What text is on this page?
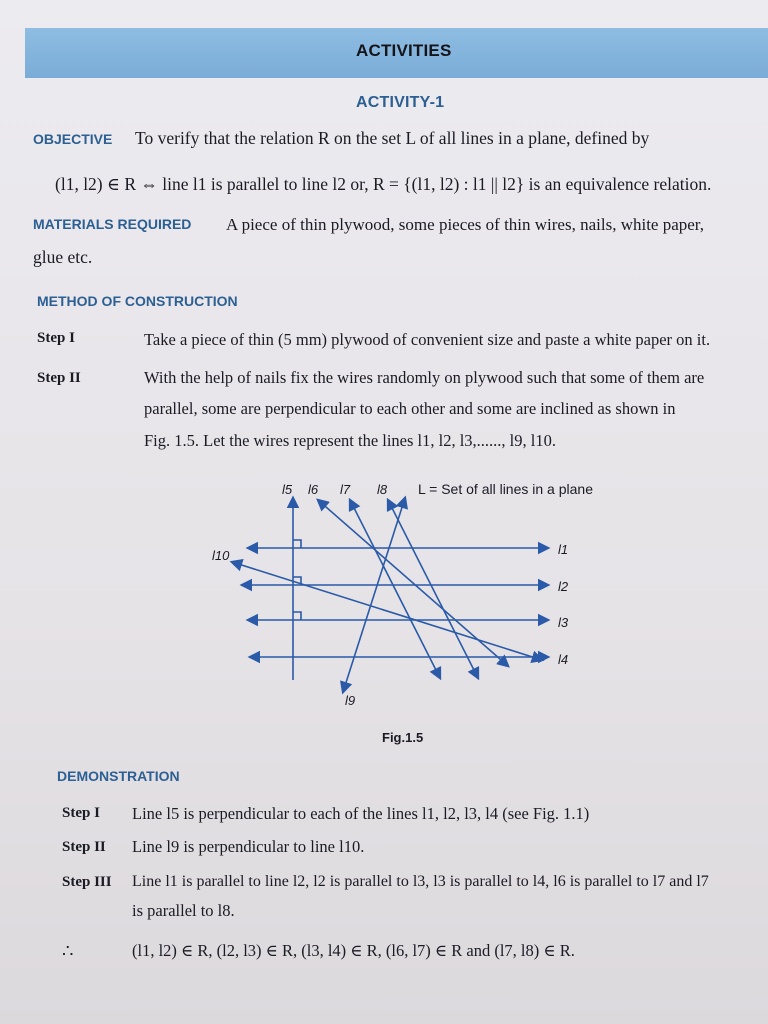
ACTIVITIES
ACTIVITY-1
OBJECTIVE To verify that the relation R on the set L of all lines in a plane, defined by
(l1, l2) ∈ R ⇔ line l1 is parallel to line l2 or, R = {(l1, l2) : l1 || l2} is an equivalence relation.
MATERIALS REQUIRED A piece of thin plywood, some pieces of thin wires, nails, white paper,
glue etc.
METHOD OF CONSTRUCTION
Step I	Take a piece of thin (5 mm) plywood of convenient size and paste a white paper on it.
Step II	With the help of nails fix the wires randomly on plywood such that some of them are
parallel, some are perpendicular to each other and some are inclined as shown in
Fig. 1.5. Let the wires represent the lines l1, l2, l3,......, l9, l10.
l5 l6 l7 l8
l10	l1
l2
l3
l4
l9
L = Set of all lines in a plane
Fig.1.5
DEMONSTRATION
Step I Line l5 is perpendicular to each of the lines l1, l2, l3, l4 (see Fig. 1.1)
Step II Line l9 is perpendicular to line l10.
Step III Line l1 is parallel to line l2, l2 is parallel to l3, l3 is parallel to l4, l6 is parallel to l7 and l7
is parallel to l8.
∴	(l1, l2) ∈ R, (l2, l3) ∈ R, (l3, l4) ∈ R, (l6, l7) ∈ R and (l7, l8) ∈ R.
